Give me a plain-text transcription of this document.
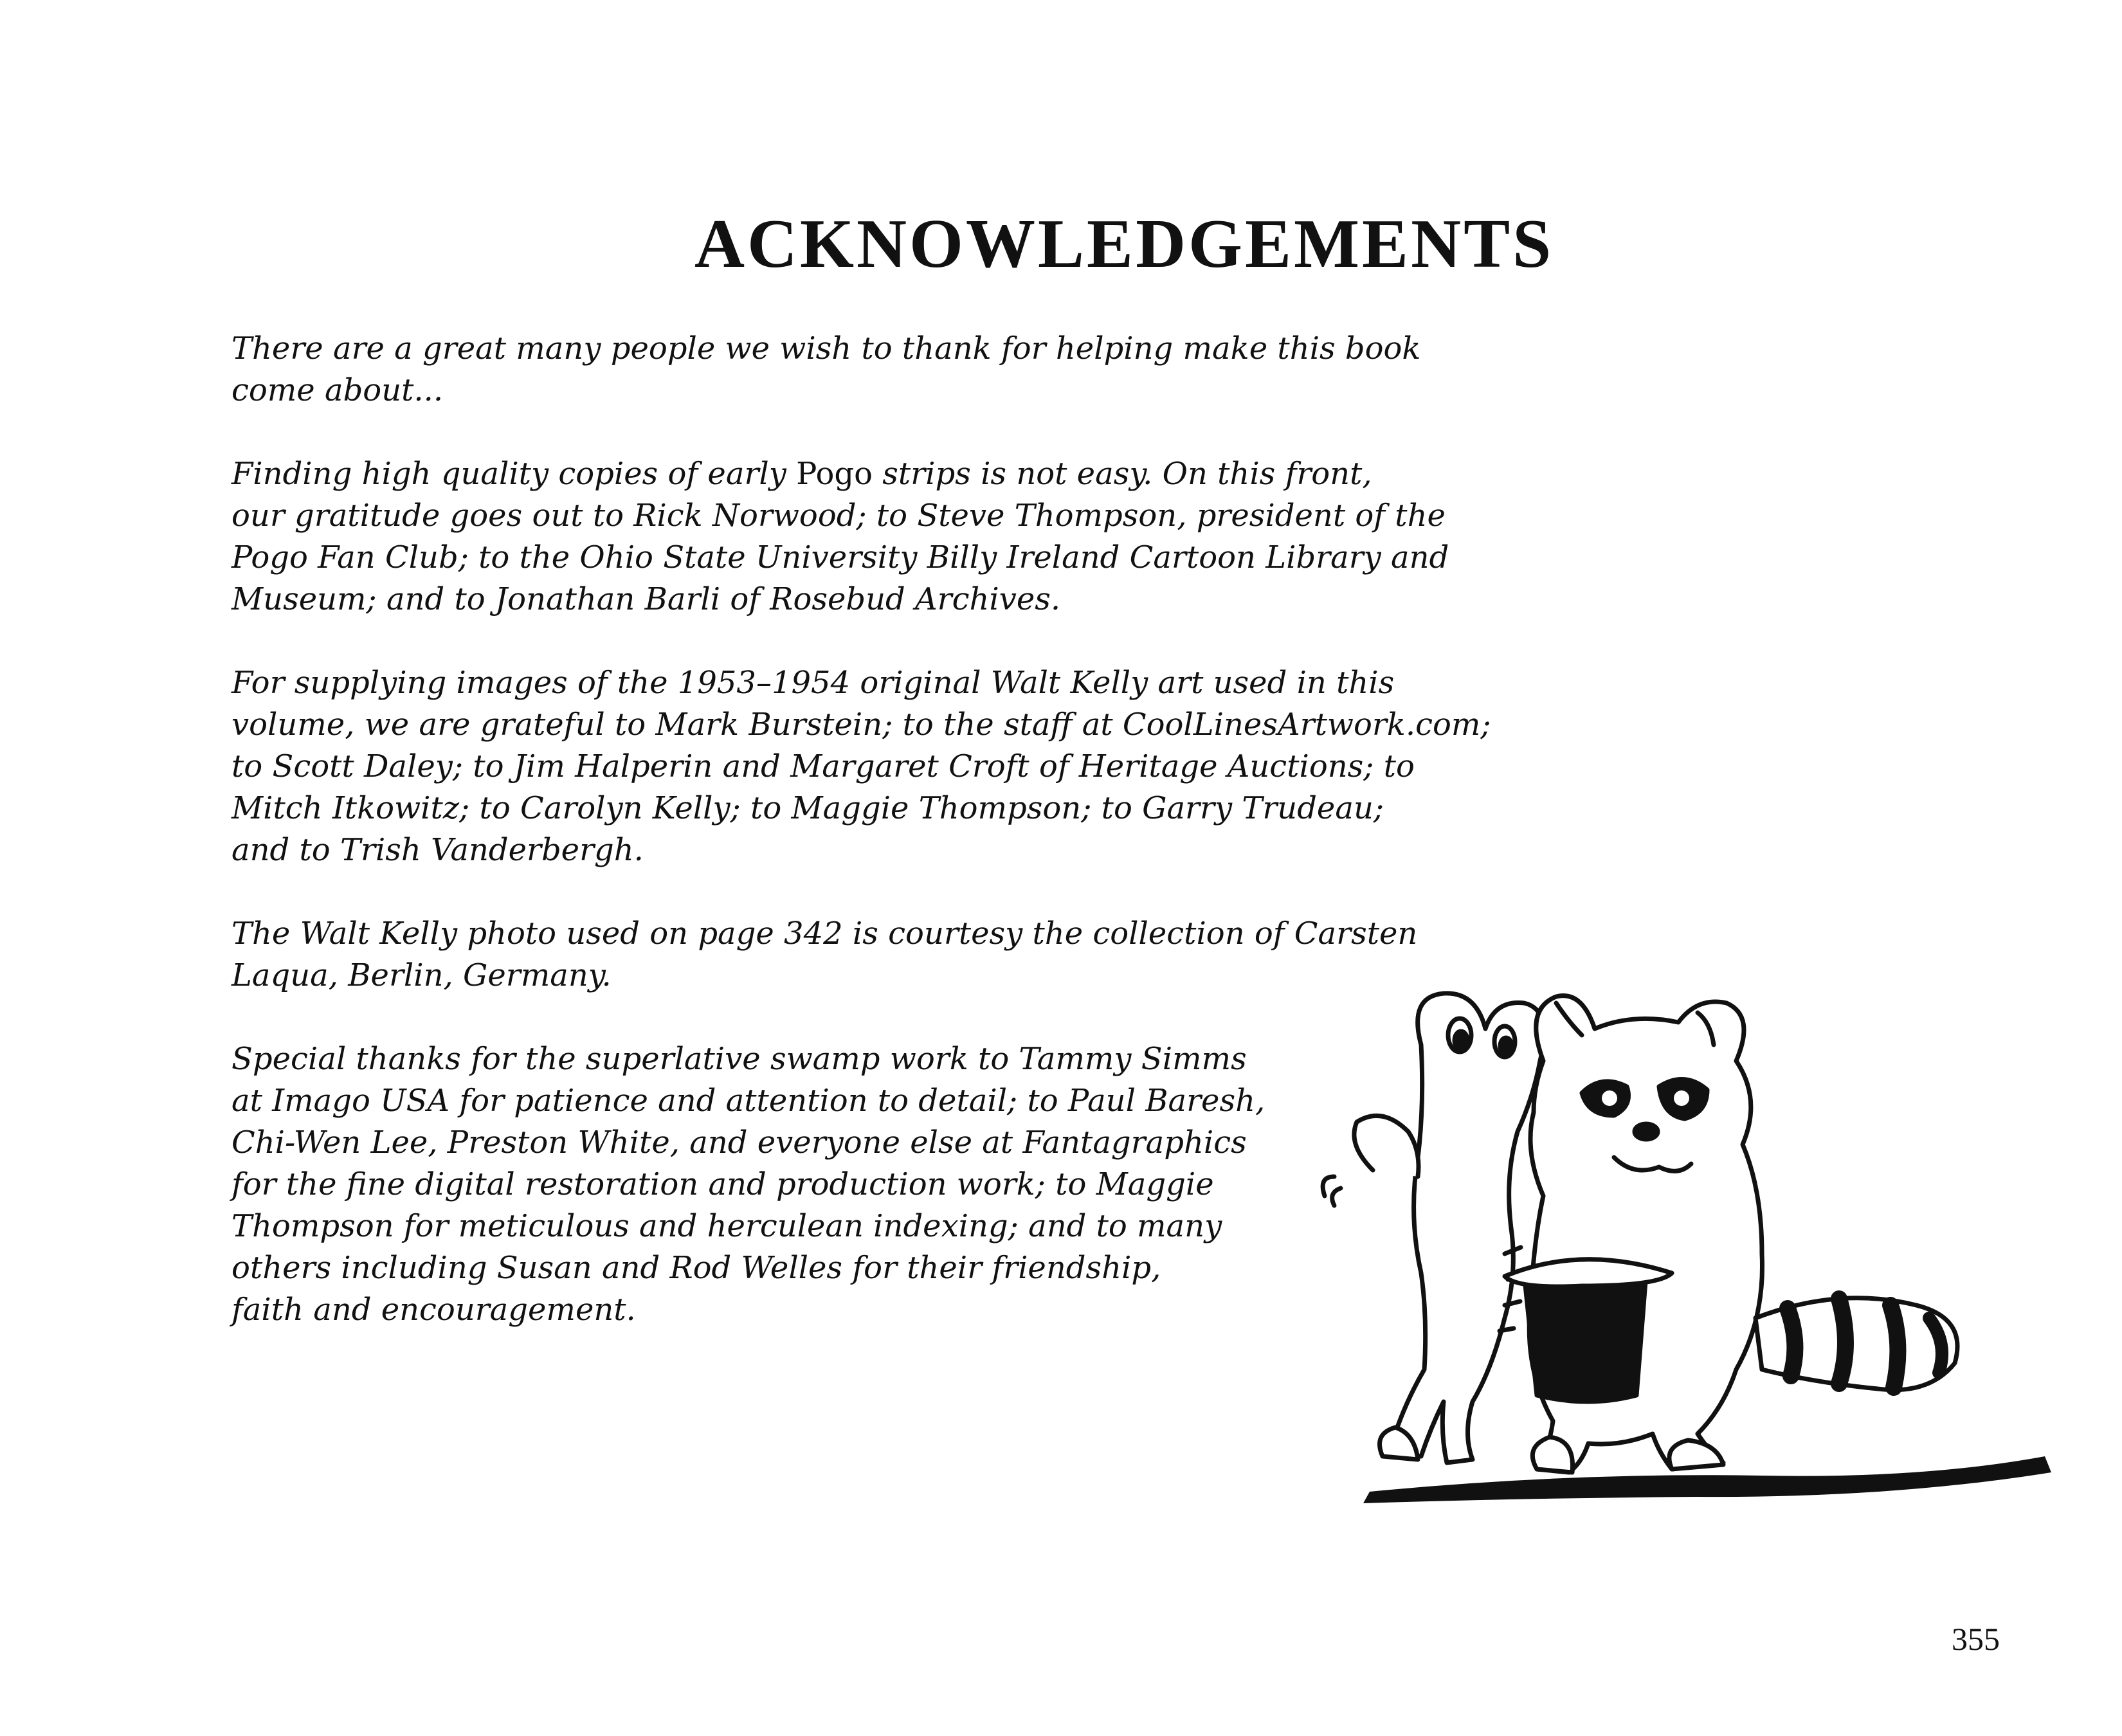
ACKNOWLEDGEMENTS

There are a great many people we wish to thank for helping make this book
come about...

Finding high quality copies of early Pogo strips is not easy. On this front,
our gratitude goes out to Rick Norwood; to Steve Thompson, president of the
Pogo Fan Club; to the Ohio State University Billy Ireland Cartoon Library and
Museum; and to Jonathan Barli of Rosebud Archives.

For supplying images of the 1953–1954 original Walt Kelly art used in this
volume, we are grateful to Mark Burstein; to the staff at CoolLinesArtwork.com;
to Scott Daley; to Jim Halperin and Margaret Croft of Heritage Auctions; to
Mitch Itkowitz; to Carolyn Kelly; to Maggie Thompson; to Garry Trudeau;
and to Trish Vanderbergh.

The Walt Kelly photo used on page 342 is courtesy the collection of Carsten
Laqua, Berlin, Germany.

Special thanks for the superlative swamp work to Tammy Simms
at Imago USA for patience and attention to detail; to Paul Baresh,
Chi-Wen Lee, Preston White, and everyone else at Fantagraphics
for the fine digital restoration and production work; to Maggie
Thompson for meticulous and herculean indexing; and to many
others including Susan and Rod Welles for their friendship,
faith and encouragement.

355
